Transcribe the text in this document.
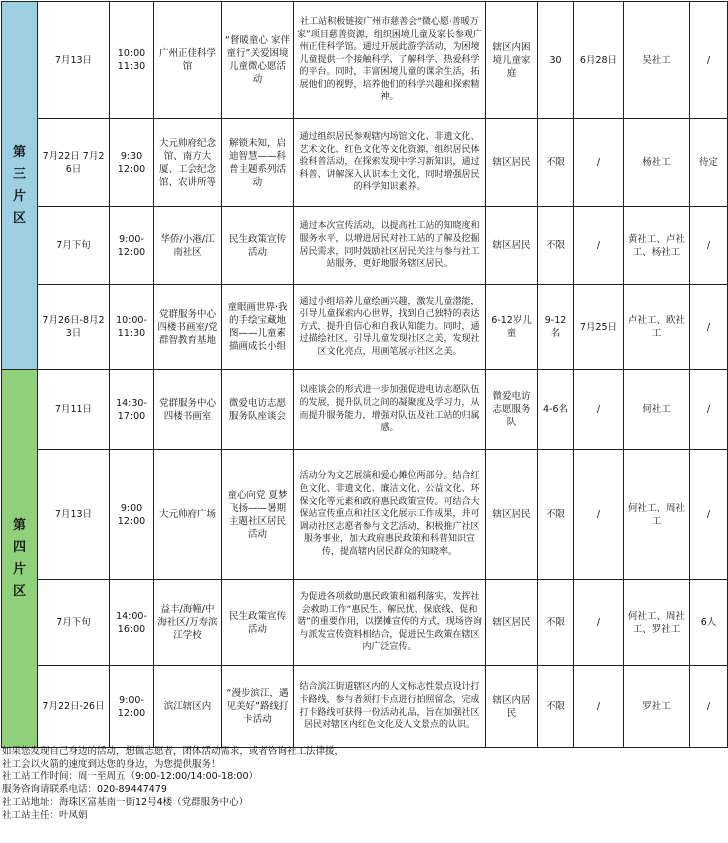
第三片区	7月13日	10:00
11:30	广州正佳科学馆	“督暖童心 家伴童行”关爱困境儿童微心愿活动	社工站积极链接广州市慈善会“微心愿·善暖万家”项目慈善资源，组织困境儿童及家长参观广州正佳科学馆。通过开展此游学活动，为困境儿童提供一个接触科学、了解科学、热爱科学的平台。同时，丰富困境儿童的课余生活，拓展他们的视野，培养他们的科学兴趣和探索精神。	辖区内困境儿童家庭	30	6月28日	吴社工	/
	7月22日 7月26日	9:30
12:00	大元帅府纪念馆、南方大厦、工会纪念馆、农讲所等	解锁未知，启迪智慧——科普主题系列活动	通过组织居民参观辖内场馆文化、非遗文化、艺术文化、红色文化等文化资源，组织居民体验科普活动，在探索发现中学习新知识，通过科普、讲解深入认识本土文化，同时增强居民的科学知识素养。	辖区居民	不限	/	杨社工	待定
	7月下旬	9:00-
12:00	华侨/小港/江南社区	民生政策宣传活动	通过本次宣传活动，以提高社工站的知晓度和服务水平，以增进居民对社工站的了解及挖掘居民需求，同时鼓励社区居民关注与参与社工站服务，更好地服务辖区居民。	辖区居民	不限	/	黄社工、卢社工、杨社工	/
	7月26日-8月23日	10:00-
11:30	党群服务中心四楼书画室/党群智教育基地	童眼画世界·我的手绘宝藏地图——儿童素描画成长小组	通过小组培养儿童绘画兴趣，激发儿童潜能，引导儿童探索内心世界，找到自己独特的表达方式，提升自信心和自我认知能力。同时，通过描绘社区，引导儿童发现社区之美，发现社区文化亮点，用画笔展示社区之美。	6-12岁儿童	9-12名	7月25日	卢社工、欧社工	/

第四片区	7月11日	14:30-
17:00	党群服务中心四楼书画室	微爱电访志愿服务队座谈会	以座谈会的形式进一步加强促进电访志愿队伍的发展，提升队员之间的凝聚度及学习力，从而提升服务能力，增强对队伍及社工站的归属感。	微爱电访志愿服务队	4-6名	/	何社工	/
	7月13日	9:00
12:00	大元帅府广场	童心向党 夏梦飞扬——暑期主题社区居民活动	活动分为文艺展演和爱心摊位两部分。结合红色文化、非遗文化、廉洁文化、公益文化、环保文化等元素和政府惠民政策宣传。可结合大保站宣传重点和社区文化展示工作成果，并可调动社区志愿者参与文艺活动，积极推广社区服务事业，加大政府惠民政策和科普知识宣传，提高辖内居民群众的知晓率。	辖区居民	不限	/	何社工、周社工	/
	7月下旬	14:00-
16:00	益丰/海幢/中海社区/万寿滨江学校	民生政策宣传活动	为促进各项救助惠民政策和福利落实，发挥社会救助工作“惠民生、解民忧、保底线、促和谐”的重要作用，以摆摊宣传的方式，现场咨询与派发宣传资料相结合，促进民生政策在辖区内广泛宣传。	辖区居民	不限	/	何社工、周社工、罗社工	6人
	7月22日-26日	9:00-
12:00	滨江辖区内	“漫步滨江，遇见美好”路线打卡活动	结合滨江街道辖区内的人文标志性景点设计打卡路线，参与者须打卡点进行拍照留念，完成打卡路线可获得一份活动礼品，旨在加强社区居民对辖区内红色文化及人文景点的认识。	辖区内居民	不限	/	罗社工	/
如果您发现自己身边的活动，想做志愿者，团体活动需求，或者咨询社工法律援，
社工会以火箭的速度到达您的身边，为您提供服务！
社工站工作时间：周一至周五（9:00-12:00/14:00-18:00）
服务咨询请联系电话：020-89447479
社工站地址：海珠区富基南一街12号4楼（党群服务中心）
社工站主任：叶凤娟
